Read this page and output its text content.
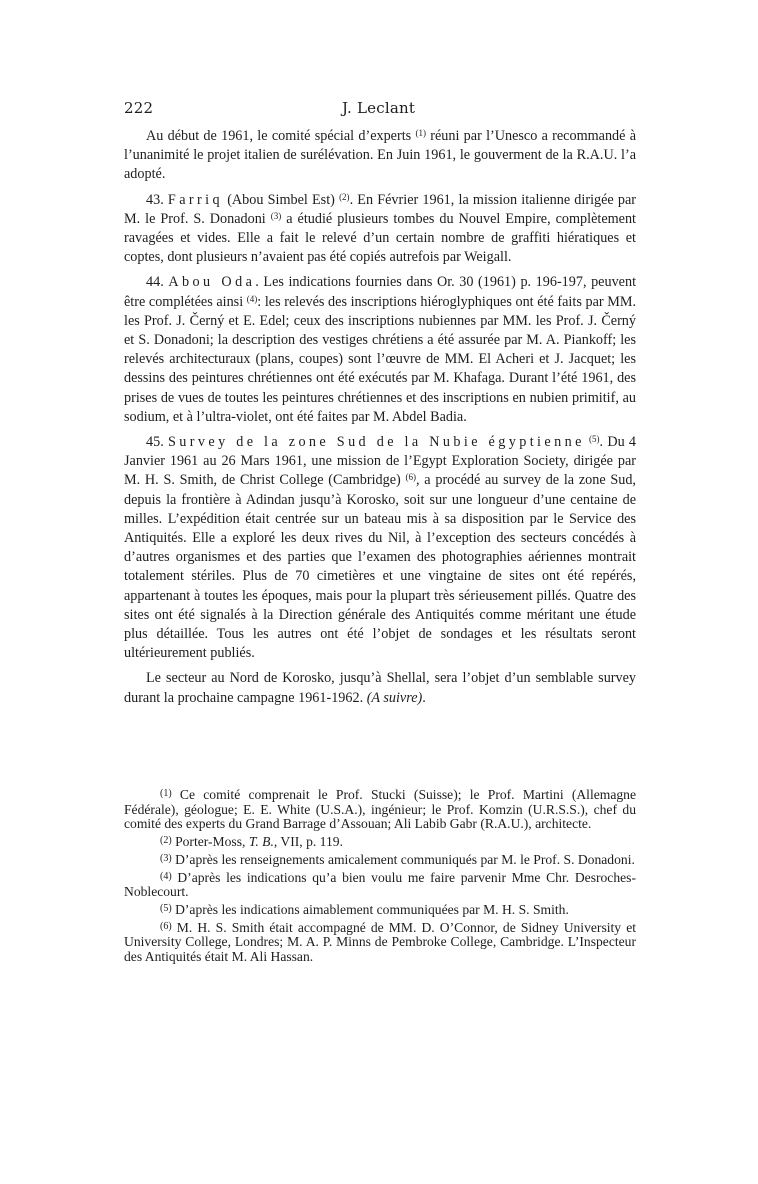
222	J. Leclant

Au début de 1961, le comité spécial d’experts $^{(1)}$ réuni par l’Unesco a recommandé à l’unanimité le projet italien de surélévation. En Juin 1961, le gouverment de la R.A.U. l’a adopté.

43. Farriq (Abou Simbel Est) $^{(2)}$. En Février 1961, la mission italienne dirigée par M. le Prof. S. Donadoni $^{(3)}$ a étudié plusieurs tombes du Nouvel Empire, complètement ravagées et vides. Elle a fait le relevé d’un certain nombre de graffiti hiératiques et coptes, dont plusieurs n’avaient pas été copiés autrefois par Weigall.

44. Abou Oda. Les indications fournies dans Or. 30 (1961) p. 196-197, peuvent être complétées ainsi $^{(4)}$: les relevés des inscriptions hiéroglyphiques ont été faits par MM. les Prof. J. Černý et E. Edel; ceux des inscriptions nubiennes par MM. les Prof. J. Černý et S. Donadoni; la description des vestiges chrétiens a été assurée par M. A. Piankoff; les relevés architecturaux (plans, coupes) sont l’œuvre de MM. El Acheri et J. Jacquet; les dessins des peintures chrétiennes ont été exécutés par M. Khafaga. Durant l’été 1961, des prises de vues de toutes les peintures chrétiennes et des inscriptions en nubien primitif, au sodium, et à l’ultra-violet, ont été faites par M. Abdel Badia.

45. Survey de la zone Sud de la Nubie égyptienne $^{(5)}$. Du 4 Janvier 1961 au 26 Mars 1961, une mission de l’Egypt Exploration Society, dirigée par M. H. S. Smith, de Christ College (Cambridge) $^{(6)}$, a procédé au survey de la zone Sud, depuis la frontière à Adindan jusqu’à Korosko, soit sur une longueur d’une centaine de milles. L’expédition était centrée sur un bateau mis à sa disposition par le Service des Antiquités. Elle a exploré les deux rives du Nil, à l’exception des secteurs concédés à d’autres organismes et des parties que l’examen des photographies aériennes montrait totalement stériles. Plus de 70 cimetières et une vingtaine de sites ont été repérés, appartenant à toutes les époques, mais pour la plupart très sérieusement pillés. Quatre des sites ont été signalés à la Direction générale des Antiquités comme méritant une étude plus détaillée. Tous les autres ont été l’objet de sondages et les résultats seront ultérieurement publiés.

Le secteur au Nord de Korosko, jusqu’à Shellal, sera l’objet d’un semblable survey durant la prochaine campagne 1961-1962. (A suivre).

$^{(1)}$ Ce comité comprenait le Prof. Stucki (Suisse); le Prof. Martini (Allemagne Fédérale), géologue; E. E. White (U.S.A.), ingénieur; le Prof. Komzin (U.R.S.S.), chef du comité des experts du Grand Barrage d’Assouan; Ali Labib Gabr (R.A.U.), architecte.

$^{(2)}$ Porter-Moss, T. B., VII, p. 119.

$^{(3)}$ D’après les renseignements amicalement communiqués par M. le Prof. S. Donadoni.

$^{(4)}$ D’après les indications qu’a bien voulu me faire parvenir Mme Chr. Desroches-Noblecourt.

$^{(5)}$ D’après les indications aimablement communiquées par M. H. S. Smith.

$^{(6)}$ M. H. S. Smith était accompagné de MM. D. O’Connor, de Sidney University et University College, Londres; M. A. P. Minns de Pembroke College, Cambridge. L’Inspecteur des Antiquités était M. Ali Hassan.
